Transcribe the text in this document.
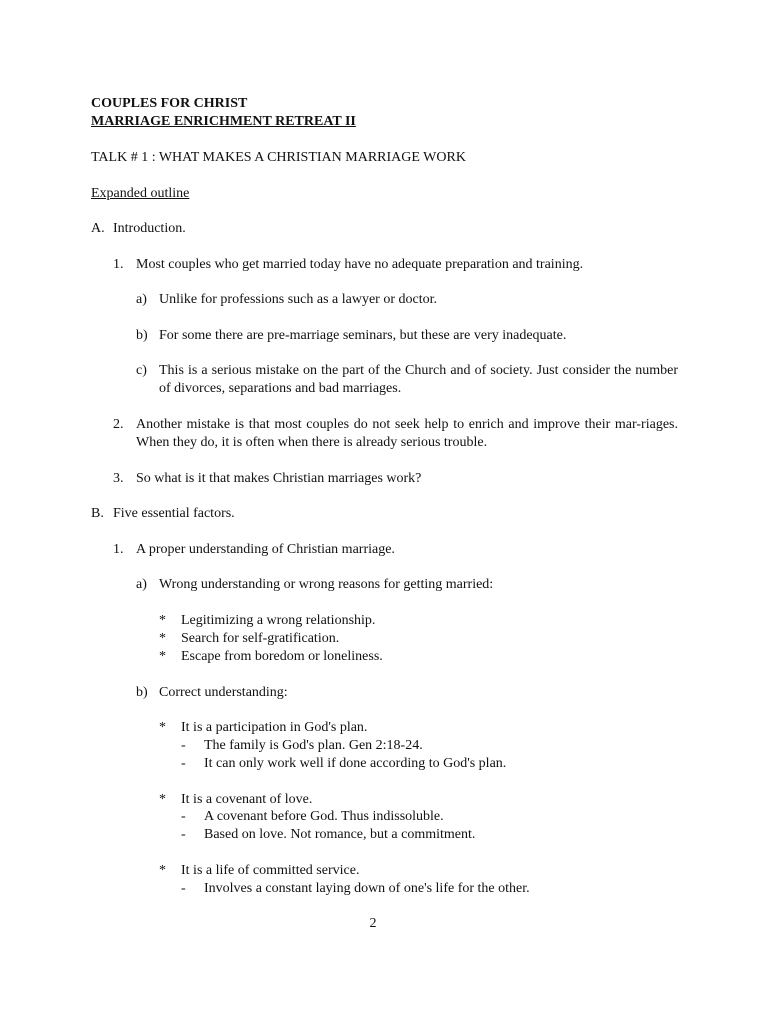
COUPLES FOR CHRIST
MARRIAGE ENRICHMENT RETREAT II
TALK # 1 : WHAT MAKES A CHRISTIAN MARRIAGE WORK
Expanded outline
A. Introduction.
1. Most couples who get married today have no adequate preparation and training.
a) Unlike for professions such as a lawyer or doctor.
b) For some there are pre-marriage seminars, but these are very inadequate.
c) This is a serious mistake on the part of the Church and of society. Just consider the number of divorces, separations and bad marriages.
2. Another mistake is that most couples do not seek help to enrich and improve their mar-riages. When they do, it is often when there is already serious trouble.
3. So what is it that makes Christian marriages work?
B. Five essential factors.
1. A proper understanding of Christian marriage.
a) Wrong understanding or wrong reasons for getting married:
* Legitimizing a wrong relationship.
* Search for self-gratification.
* Escape from boredom or loneliness.
b) Correct understanding:
* It is a participation in God's plan.
- The family is God's plan. Gen 2:18-24.
- It can only work well if done according to God's plan.
* It is a covenant of love.
- A covenant before God. Thus indissoluble.
- Based on love. Not romance, but a commitment.
* It is a life of committed service.
- Involves a constant laying down of one's life for the other.
2
